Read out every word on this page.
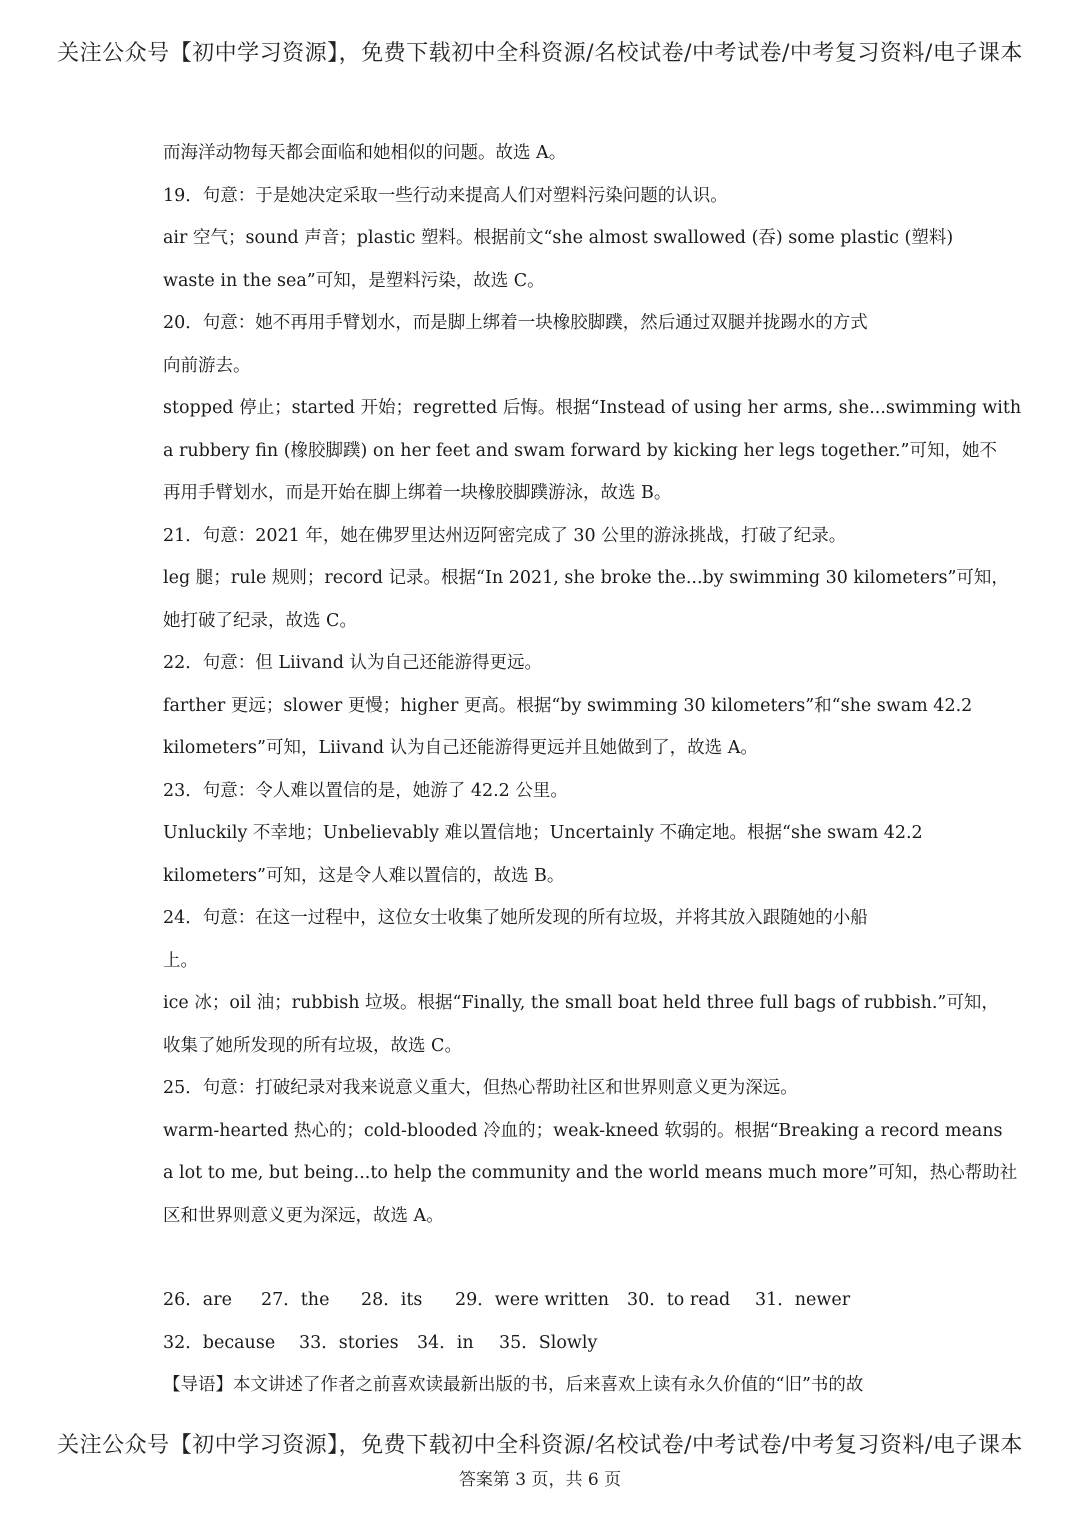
关注公众号【初中学习资源】，免费下载初中全科资源/名校试卷/中考试卷/中考复习资料/电子课本
而海洋动物每天都会面临和她相似的问题。故选 A。
19．句意：于是她决定采取一些行动来提高人们对塑料污染问题的认识。
air 空气；sound 声音；plastic 塑料。根据前文“she almost swallowed (吞) some plastic (塑料)
waste in the sea”可知，是塑料污染，故选 C。
20．句意：她不再用手臂划水，而是脚上绑着一块橡胶脚蹼，然后通过双腿并拢踢水的方式
向前游去。
stopped 停止；started 开始；regretted 后悔。根据“Instead of using her arms, she...swimming with
a rubbery fin (橡胶脚蹼) on her feet and swam forward by kicking her legs together.”可知，她不
再用手臂划水，而是开始在脚上绑着一块橡胶脚蹼游泳，故选 B。
21．句意：2021 年，她在佛罗里达州迈阿密完成了 30 公里的游泳挑战，打破了纪录。
leg 腿；rule 规则；record 记录。根据“In 2021, she broke the...by swimming 30 kilometers”可知，
她打破了纪录，故选 C。
22．句意：但 Liivand 认为自己还能游得更远。
farther 更远；slower 更慢；higher 更高。根据“by swimming 30 kilometers”和“she swam 42.2
kilometers”可知，Liivand 认为自己还能游得更远并且她做到了，故选 A。
23．句意：令人难以置信的是，她游了 42.2 公里。
Unluckily 不幸地；Unbelievably 难以置信地；Uncertainly 不确定地。根据“she swam 42.2
kilometers”可知，这是令人难以置信的，故选 B。
24．句意：在这一过程中，这位女士收集了她所发现的所有垃圾，并将其放入跟随她的小船
上。
ice 冰；oil 油；rubbish 垃圾。根据“Finally, the small boat held three full bags of rubbish.”可知，
收集了她所发现的所有垃圾，故选 C。
25．句意：打破纪录对我来说意义重大，但热心帮助社区和世界则意义更为深远。
warm-hearted 热心的；cold-blooded 冷血的；weak-kneed 软弱的。根据“Breaking a record means
a lot to me, but being...to help the community and the world means much more”可知，热心帮助社
区和世界则意义更为深远，故选 A。
26．are 27．the 28．its 29．were written 30．to read 31．newer
32．because 33．stories 34．in 35．Slowly
【导语】本文讲述了作者之前喜欢读最新出版的书，后来喜欢上读有永久价值的“旧”书的故
关注公众号【初中学习资源】，免费下载初中全科资源/名校试卷/中考试卷/中考复习资料/电子课本
答案第 3 页，共 6 页
